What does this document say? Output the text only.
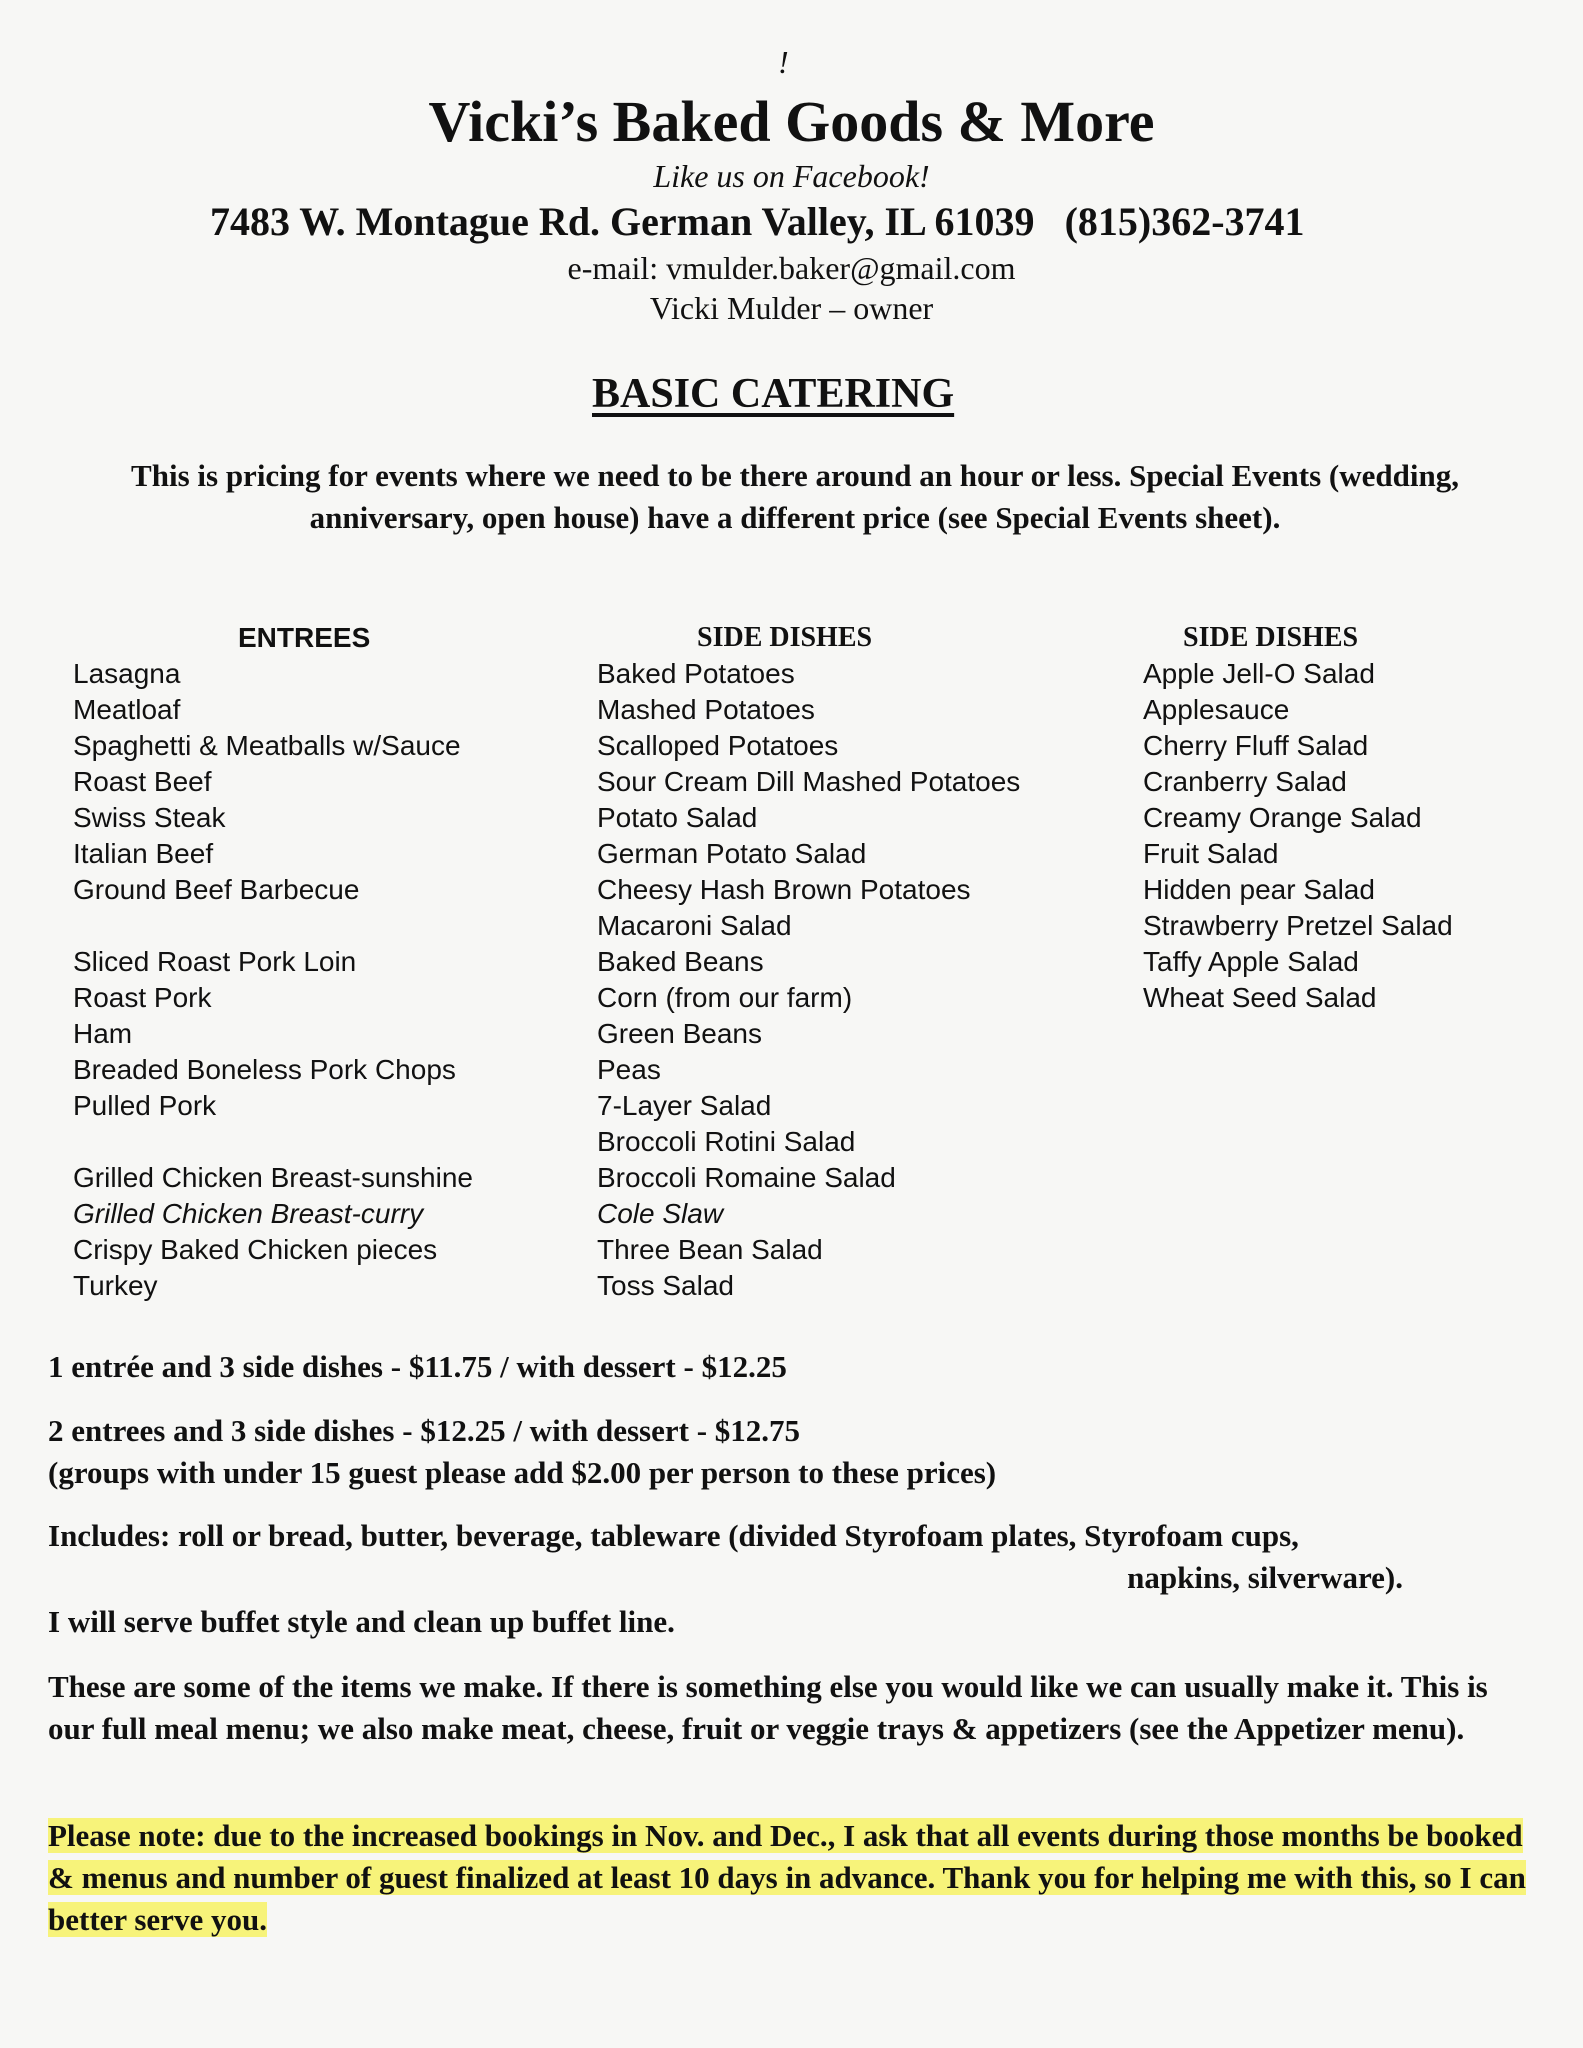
!
Vicki’s Baked Goods & More
Like us on Facebook!
7483 W. Montague Rd. German Valley, IL 61039 (815)362-3741
e-mail: vmulder.baker@gmail.com
Vicki Mulder – owner
BASIC CATERING
This is pricing for events where we need to be there around an hour or less. Special Events (wedding, anniversary, open house) have a different price (see Special Events sheet).
ENTREES
Lasagna
Meatloaf
Spaghetti & Meatballs w/Sauce
Roast Beef
Swiss Steak
Italian Beef
Ground Beef Barbecue
Sliced Roast Pork Loin
Roast Pork
Ham
Breaded Boneless Pork Chops
Pulled Pork
Grilled Chicken Breast-sunshine
Grilled Chicken Breast-curry
Crispy Baked Chicken pieces
Turkey
SIDE DISHES
Baked Potatoes
Mashed Potatoes
Scalloped Potatoes
Sour Cream Dill Mashed Potatoes
Potato Salad
German Potato Salad
Cheesy Hash Brown Potatoes
Macaroni Salad
Baked Beans
Corn (from our farm)
Green Beans
Peas
7-Layer Salad
Broccoli Rotini Salad
Broccoli Romaine Salad
Cole Slaw
Three Bean Salad
Toss Salad
SIDE DISHES
Apple Jell-O Salad
Applesauce
Cherry Fluff Salad
Cranberry Salad
Creamy Orange Salad
Fruit Salad
Hidden pear Salad
Strawberry Pretzel Salad
Taffy Apple Salad
Wheat Seed Salad
1 entrée and 3 side dishes - $11.75 / with dessert - $12.25
2 entrees and 3 side dishes - $12.25 / with dessert - $12.75
(groups with under 15 guest please add $2.00 per person to these prices)
Includes: roll or bread, butter, beverage, tableware (divided Styrofoam plates, Styrofoam cups,
napkins, silverware).
I will serve buffet style and clean up buffet line.
These are some of the items we make. If there is something else you would like we can usually make it. This is our full meal menu; we also make meat, cheese, fruit or veggie trays & appetizers (see the Appetizer menu).
Please note: due to the increased bookings in Nov. and Dec., I ask that all events during those months be booked & menus and number of guest finalized at least 10 days in advance. Thank you for helping me with this, so I can better serve you.
